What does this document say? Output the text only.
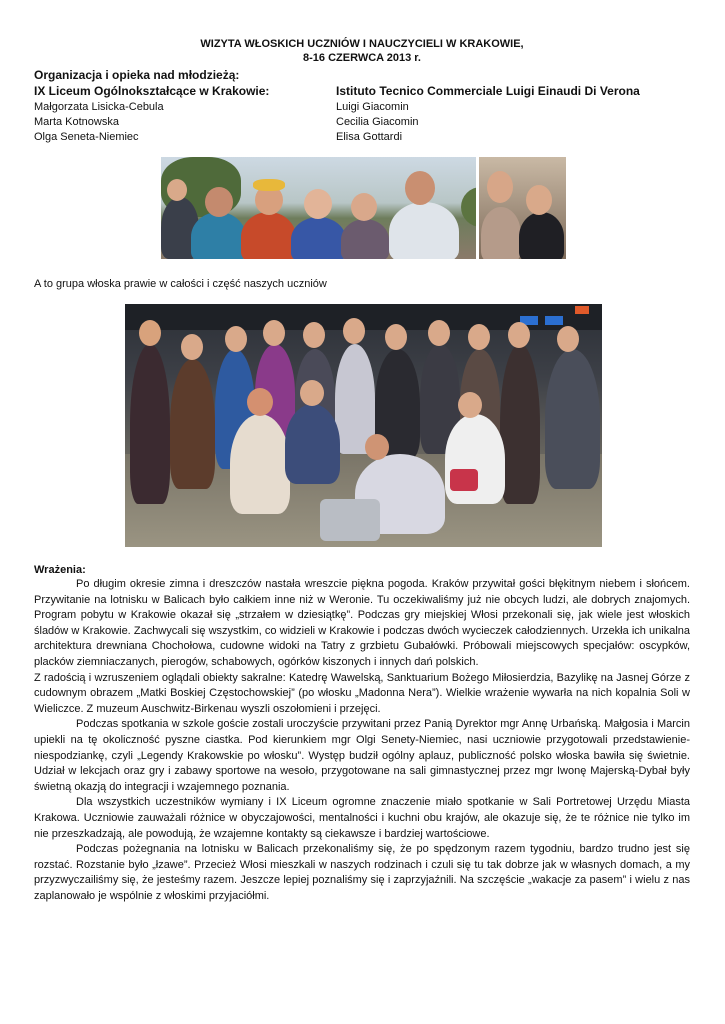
WIZYTA WŁOSKICH UCZNIÓW I NAUCZYCIELI W KRAKOWIE,
8-16 CZERWCA 2013 r.
Organizacja i opieka nad młodzieżą:
IX Liceum Ogólnokształcące w Krakowie:
Małgorzata Lisicka-Cebula
Marta Kotnowska
Olga Seneta-Niemiec
Istituto Tecnico Commerciale Luigi Einaudi Di Verona
Luigi Giacomin
Cecilia Giacomin
Elisa Gottardi
A to grupa włoska prawie w całości i część naszych uczniów
Wrażenia:

Po długim okresie zimna i dreszczów nastała wreszcie piękna pogoda. Kraków przywitał gości błękitnym niebem i słońcem. Przywitanie na lotnisku w Balicach było całkiem inne niż w Weronie. Tu oczekiwaliśmy już nie obcych ludzi, ale dobrych znajomych. Program pobytu w Krakowie okazał się „strzałem w dziesiątkę”. Podczas gry miejskiej Włosi przekonali się, jak wiele jest włoskich śladów w Krakowie. Zachwycali się wszystkim, co widzieli w Krakowie i podczas dwóch wycieczek całodziennych. Urzekła ich unikalna architektura drewniana Chochołowa, cudowne widoki na Tatry z grzbietu Gubałówki. Próbowali miejscowych specjałów: oscypków, placków ziemniaczanych, pierogów, schabowych, ogórków kiszonych i innych dań polskich.

Z radością i wzruszeniem oglądali obiekty sakralne: Katedrę Wawelską, Sanktuarium Bożego Miłosierdzia, Bazylikę na Jasnej Górze z cudownym obrazem „Matki Boskiej Częstochowskiej” (po włosku „Madonna Nera”). Wielkie wrażenie wywarła na nich kopalnia Soli w Wieliczce. Z muzeum Auschwitz-Birkenau wyszli oszołomieni i przejęci.

Podczas spotkania w szkole goście zostali uroczyście przywitani przez Panią Dyrektor mgr Annę Urbańską. Małgosia i Marcin upiekli na tę okoliczność pyszne ciastka. Pod kierunkiem mgr Olgi Senety-Niemiec, nasi uczniowie przygotowali przedstawienie-niespodziankę, czyli „Legendy Krakowskie po włosku”. Występ budził ogólny aplauz, publiczność polsko włoska bawiła się świetnie. Udział w lekcjach oraz gry i zabawy sportowe na wesoło, przygotowane na sali gimnastycznej przez mgr Iwonę Majerską-Dybał były świetną okazją do integracji i wzajemnego poznania.

Dla wszystkich uczestników wymiany i IX Liceum ogromne znaczenie miało spotkanie w Sali Portretowej Urzędu Miasta Krakowa. Uczniowie zauważali różnice w obyczajowości, mentalności i kuchni obu krajów, ale okazuje się, że te różnice nie tylko im nie przeszkadzają, ale powodują, że wzajemne kontakty są ciekawsze i bardziej wartościowe.

Podczas pożegnania na lotnisku w Balicach przekonaliśmy się, że po spędzonym razem tygodniu, bardzo trudno jest się rozstać. Rozstanie było „łzawe”. Przecież Włosi mieszkali w naszych rodzinach i czuli się tu tak dobrze jak w własnych domach, a my przyzwyczailiśmy się, że jesteśmy razem. Jeszcze lepiej poznaliśmy się i zaprzyjaźnili. Na szczęście „wakacje za pasem” i wielu z nas zaplanowało je wspólnie z włoskimi przyjaciółmi.
